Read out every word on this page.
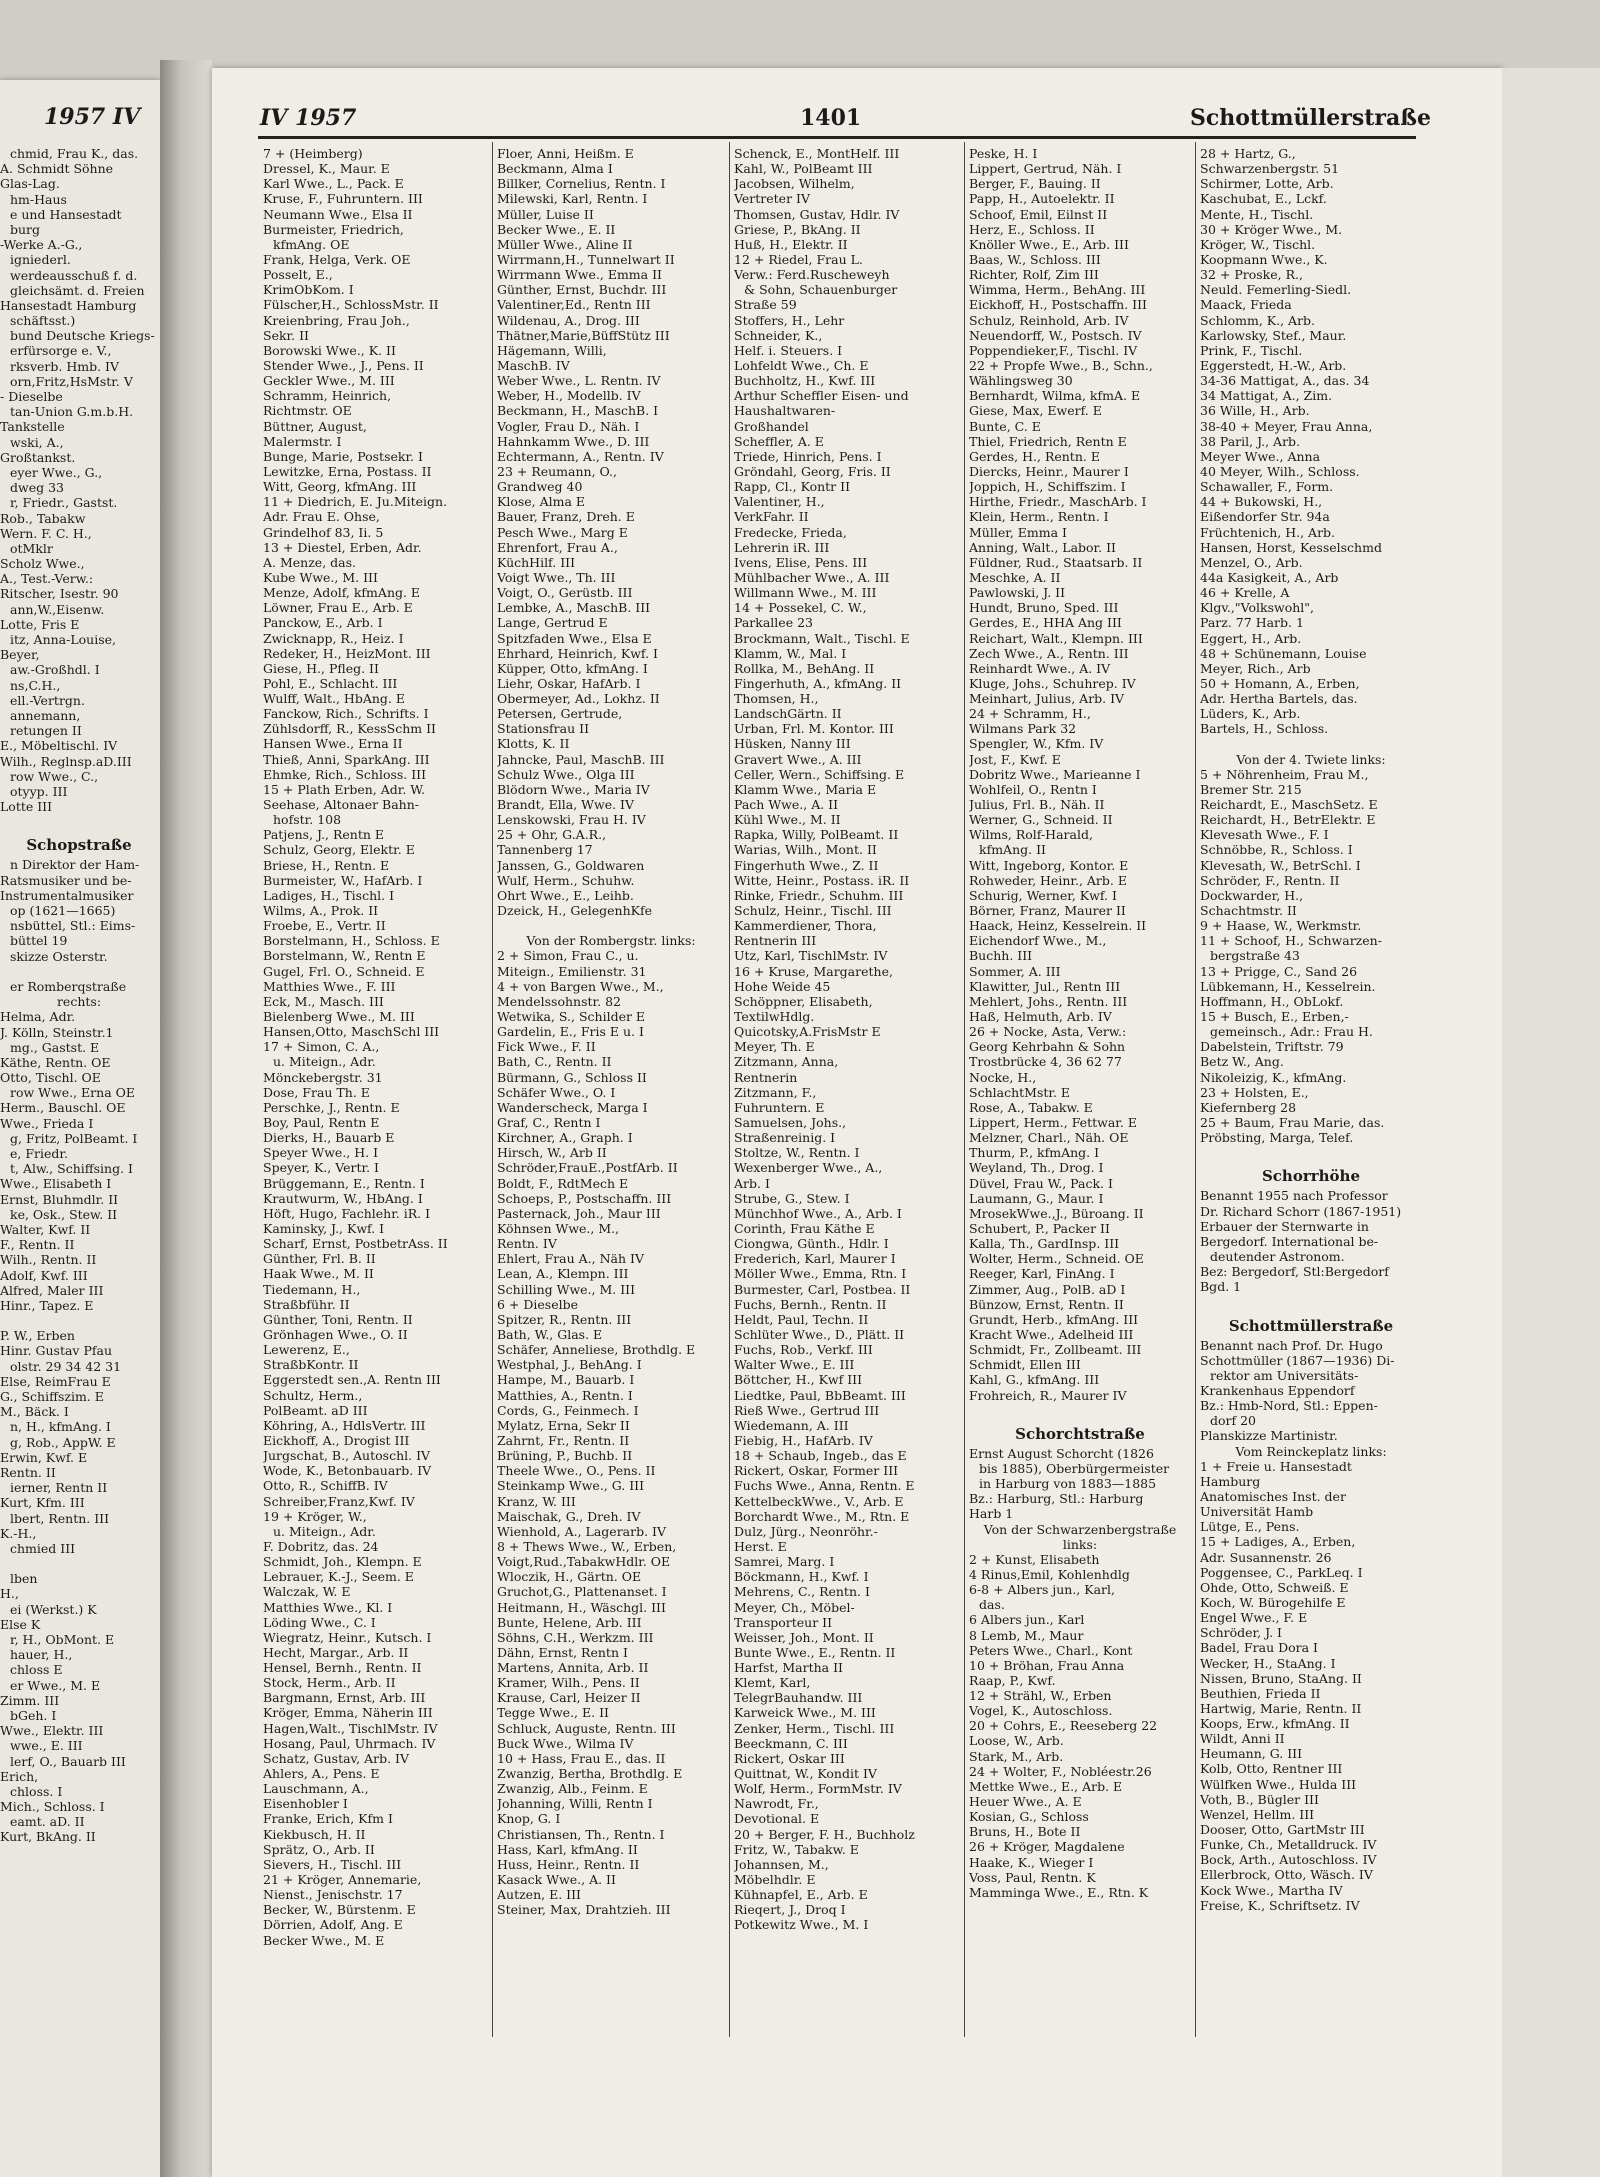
1957 IV
chmid, Frau K., das.
A. Schmidt Söhne
Glas-Lag.
hm-Haus
e und Hansestadt
burg
-Werke A.-G.,
igniederl.
werdeausschuß f. d.
gleichsämt. d. Freien
Hansestadt Hamburg
schäftsst.)
bund Deutsche Kriegs-
erfürsorge e. V.,
rksverb. Hmb. IV
orn,Fritz,HsMstr. V
- Dieselbe
tan-Union G.m.b.H.
Tankstelle
wski, A.,
Großtankst.
eyer Wwe., G.,
dweg 33
r, Friedr., Gastst.
Rob., Tabakw
Wern. F. C. H.,
otMklr
Scholz Wwe.,
A., Test.-Verw.:
Ritscher, Isestr. 90
ann,W.,Eisenw.
Lotte, Fris E
itz, Anna-Louise,
Beyer,
aw.-Großhdl. I
ns,C.H.,
ell.-Vertrgn.
annemann,
retungen II
E., Möbeltischl. IV
Wilh., Reglnsp.aD.III
row Wwe., C.,
otyyp. III
Lotte III
Schopstraße
n Direktor der Ham-
Ratsmusiker und be-
Instrumentalmusiker
op (1621—1665)
nsbüttel, Stl.: Eims-
büttel 19
skizze Osterstr.
er Romberqstraße
rechts:
Helma, Adr.
J. Kölln, Steinstr.1
mg., Gastst. E
Käthe, Rentn. OE
Otto, Tischl. OE
row Wwe., Erna OE
Herm., Bauschl. OE
Wwe., Frieda I
g, Fritz, PolBeamt. I
e, Friedr.
t, Alw., Schiffsing. I
Wwe., Elisabeth I
Ernst, Bluhmdlr. II
ke, Osk., Stew. II
Walter, Kwf. II
F., Rentn. II
Wilh., Rentn. II
Adolf, Kwf. III
Alfred, Maler III
Hinr., Tapez. E
P. W., Erben
Hinr. Gustav Pfau
olstr. 29 34 42 31
Else, ReimFrau E
G., Schiffszim. E
M., Bäck. I
n, H., kfmAng. I
g, Rob., AppW. E
Erwin, Kwf. E
Rentn. II
ierner, Rentn II
Kurt, Kfm. III
lbert, Rentn. III
K.-H.,
chmied III
lben
H.,
ei (Werkst.) K
Else K
r, H., ObMont. E
hauer, H.,
chloss E
er Wwe., M. E
Zimm. III
bGeh. I
Wwe., Elektr. III
wwe., E. III
lerf, O., Bauarb III
Erich,
chloss. I
Mich., Schloss. I
eamt. aD. II
Kurt, BkAng. II
IV 1957	1401	Schottmüllerstraße
7 + (Heimberg)
Dressel, K., Maur. E
Karl Wwe., L., Pack. E
Kruse, F., Fuhruntern. III
Neumann Wwe., Elsa II
Burmeister, Friedrich,
kfmAng. OE
Frank, Helga, Verk. OE
Posselt, E.,
KrimObKom. I
Fülscher,H., SchlossMstr. II
Kreienbring, Frau Joh.,
Sekr. II
Borowski Wwe., K. II
Stender Wwe., J., Pens. II
Geckler Wwe., M. III
Schramm, Heinrich,
Richtmstr. OE
Büttner, August,
Malermstr. I
Bunge, Marie, Postsekr. I
Lewitzke, Erna, Postass. II
Witt, Georg, kfmAng. III
11 + Diedrich, E. Ju.Miteign.
Adr. Frau E. Ohse,
Grindelhof 83, Ii. 5
13 + Diestel, Erben, Adr.
A. Menze, das.
Kube Wwe., M. III
Menze, Adolf, kfmAng. E
Löwner, Frau E., Arb. E
Panckow, E., Arb. I
Zwicknapp, R., Heiz. I
Redeker, H., HeizMont. III
Giese, H., Pfleg. II
Pohl, E., Schlacht. III
Wulff, Walt., HbAng. E
Fanckow, Rich., Schrifts. I
Zühlsdorff, R., KessSchm II
Hansen Wwe., Erna II
Thieß, Anni, SparkAng. III
Ehmke, Rich., Schloss. III
15 + Plath Erben, Adr. W.
Seehase, Altonaer Bahn-
hofstr. 108
Patjens, J., Rentn E
Schulz, Georg, Elektr. E
Briese, H., Rentn. E
Burmeister, W., HafArb. I
Ladiges, H., Tischl. I
Wilms, A., Prok. II
Froebe, E., Vertr. II
Borstelmann, H., Schloss. E
Borstelmann, W., Rentn E
Gugel, Frl. O., Schneid. E
Matthies Wwe., F. III
Eck, M., Masch. III
Bielenberg Wwe., M. III
Hansen,Otto, MaschSchl III
17 + Simon, C. A.,
u. Miteign., Adr.
Mönckebergstr. 31
Dose, Frau Th. E
Perschke, J., Rentn. E
Boy, Paul, Rentn E
Dierks, H., Bauarb E
Speyer Wwe., H. I
Speyer, K., Vertr. I
Brüggemann, E., Rentn. I
Krautwurm, W., HbAng. I
Höft, Hugo, Fachlehr. iR. I
Kaminsky, J., Kwf. I
Scharf, Ernst, PostbetrAss. II
Günther, Frl. B. II
Haak Wwe., M. II
Tiedemann, H.,
Straßbführ. II
Günther, Toni, Rentn. II
Grönhagen Wwe., O. II
Lewerenz, E.,
StraßbKontr. II
Eggerstedt sen.,A. Rentn III
Schultz, Herm.,
PolBeamt. aD III
Köhring, A., HdlsVertr. III
Eickhoff, A., Drogist III
Jurgschat, B., Autoschl. IV
Wode, K., Betonbauarb. IV
Otto, R., SchiffB. IV
Schreiber,Franz,Kwf. IV
19 + Kröger, W.,
u. Miteign., Adr.
F. Dobritz, das. 24
Schmidt, Joh., Klempn. E
Lebrauer, K.-J., Seem. E
Walczak, W. E
Matthies Wwe., Kl. I
Löding Wwe., C. I
Wiegratz, Heinr., Kutsch. I
Hecht, Margar., Arb. II
Hensel, Bernh., Rentn. II
Stock, Herm., Arb. II
Bargmann, Ernst, Arb. III
Kröger, Emma, Näherin III
Hagen,Walt., TischlMstr. IV
Hosang, Paul, Uhrmach. IV
Schatz, Gustav, Arb. IV
Ahlers, A., Pens. E
Lauschmann, A.,
Eisenhobler I
Franke, Erich, Kfm I
Kiekbusch, H. II
Sprätz, O., Arb. II
Sievers, H., Tischl. III
21 + Kröger, Annemarie,
Nienst., Jenischstr. 17
Becker, W., Bürstenm. E
Dörrien, Adolf, Ang. E
Becker Wwe., M. E
Floer, Anni, Heißm. E
Beckmann, Alma I
Billker, Cornelius, Rentn. I
Milewski, Karl, Rentn. I
Müller, Luise II
Becker Wwe., E. II
Müller Wwe., Aline II
Wirrmann,H., Tunnelwart II
Wirrmann Wwe., Emma II
Günther, Ernst, Buchdr. III
Valentiner,Ed., Rentn III
Wildenau, A., Drog. III
Thätner,Marie,BüffStütz III
Hägemann, Willi,
MaschB. IV
Weber Wwe., L. Rentn. IV
Weber, H., Modellb. IV
Beckmann, H., MaschB. I
Vogler, Frau D., Näh. I
Hahnkamm Wwe., D. III
Echtermann, A., Rentn. IV
23 + Reumann, O.,
Grandweg 40
Klose, Alma E
Bauer, Franz, Dreh. E
Pesch Wwe., Marg E
Ehrenfort, Frau A.,
KüchHilf. III
Voigt Wwe., Th. III
Voigt, O., Gerüstb. III
Lembke, A., MaschB. III
Lange, Gertrud E
Spitzfaden Wwe., Elsa E
Ehrhard, Heinrich, Kwf. I
Küpper, Otto, kfmAng. I
Liehr, Oskar, HafArb. I
Obermeyer, Ad., Lokhz. II
Petersen, Gertrude,
Stationsfrau II
Klotts, K. II
Jahncke, Paul, MaschB. III
Schulz Wwe., Olga III
Blödorn Wwe., Maria IV
Brandt, Ella, Wwe. IV
Lenskowski, Frau H. IV
25 + Ohr, G.A.R.,
Tannenberg 17
Janssen, G., Goldwaren
Wulf, Herm., Schuhw.
Ohrt Wwe., E., Leihb.
Dzeick, H., GelegenhKfe
Von der Rombergstr. links:
2 + Simon, Frau C., u.
Miteign., Emilienstr. 31
4 + von Bargen Wwe., M.,
Mendelssohnstr. 82
Wetwika, S., Schilder E
Gardelin, E., Fris E u. I
Fick Wwe., F. II
Bath, C., Rentn. II
Bürmann, G., Schloss II
Schäfer Wwe., O. I
Wanderscheck, Marga I
Graf, C., Rentn I
Kirchner, A., Graph. I
Hirsch, W., Arb II
Schröder,FrauE.,PostfArb. II
Boldt, F., RdtMech E
Schoeps, P., Postschaffn. III
Pasternack, Joh., Maur III
Köhnsen Wwe., M.,
Rentn. IV
Ehlert, Frau A., Näh IV
Lean, A., Klempn. III
Schilling Wwe., M. III
6 + Dieselbe
Spitzer, R., Rentn. III
Bath, W., Glas. E
Schäfer, Anneliese, Brothdlg. E
Westphal, J., BehAng. I
Hampe, M., Bauarb. I
Matthies, A., Rentn. I
Cords, G., Feinmech. I
Mylatz, Erna, Sekr II
Zahrnt, Fr., Rentn. II
Brüning, P., Buchb. II
Theele Wwe., O., Pens. II
Steinkamp Wwe., G. III
Kranz, W. III
Maischak, G., Dreh. IV
Wienhold, A., Lagerarb. IV
8 + Thews Wwe., W., Erben,
Voigt,Rud.,TabakwHdlr. OE
Wloczik, H., Gärtn. OE
Gruchot,G., Plattenanset. I
Heitmann, H., Wäschgl. III
Bunte, Helene, Arb. III
Söhns, C.H., Werkzm. III
Dähn, Ernst, Rentn I
Martens, Annita, Arb. II
Kramer, Wilh., Pens. II
Krause, Carl, Heizer II
Tegge Wwe., E. II
Schluck, Auguste, Rentn. III
Buck Wwe., Wilma IV
10 + Hass, Frau E., das. II
Zwanzig, Bertha, Brothdlg. E
Zwanzig, Alb., Feinm. E
Johanning, Willi, Rentn I
Knop, G. I
Christiansen, Th., Rentn. I
Hass, Karl, kfmAng. II
Huss, Heinr., Rentn. II
Kasack Wwe., A. II
Autzen, E. III
Steiner, Max, Drahtzieh. III
Schenck, E., MontHelf. III
Kahl, W., PolBeamt III
Jacobsen, Wilhelm,
Vertreter IV
Thomsen, Gustav, Hdlr. IV
Griese, P., BkAng. II
Huß, H., Elektr. II
12 + Riedel, Frau L.
Verw.: Ferd.Ruscheweyh
& Sohn, Schauenburger
Straße 59
Stoffers, H., Lehr
Schneider, K.,
Helf. i. Steuers. I
Lohfeldt Wwe., Ch. E
Buchholtz, H., Kwf. III
Arthur Scheffler Eisen- und
Haushaltwaren-
Großhandel
Scheffler, A. E
Triede, Hinrich, Pens. I
Gröndahl, Georg, Fris. II
Rapp, Cl., Kontr II
Valentiner, H.,
VerkFahr. II
Fredecke, Frieda,
Lehrerin iR. III
Ivens, Elise, Pens. III
Mühlbacher Wwe., A. III
Willmann Wwe., M. III
14 + Possekel, C. W.,
Parkallee 23
Brockmann, Walt., Tischl. E
Klamm, W., Mal. I
Rollka, M., BehAng. II
Fingerhuth, A., kfmAng. II
Thomsen, H.,
LandschGärtn. II
Urban, Frl. M. Kontor. III
Hüsken, Nanny III
Gravert Wwe., A. III
Celler, Wern., Schiffsing. E
Klamm Wwe., Maria E
Pach Wwe., A. II
Kühl Wwe., M. II
Rapka, Willy, PolBeamt. II
Warias, Wilh., Mont. II
Fingerhuth Wwe., Z. II
Witte, Heinr., Postass. iR. II
Rinke, Friedr., Schuhm. III
Schulz, Heinr., Tischl. III
Kammerdiener, Thora,
Rentnerin III
Utz, Karl, TischlMstr. IV
16 + Kruse, Margarethe,
Hohe Weide 45
Schöppner, Elisabeth,
TextilwHdlg.
Quicotsky,A.FrisMstr E
Meyer, Th. E
Zitzmann, Anna,
Rentnerin
Zitzmann, F.,
Fuhruntern. E
Samuelsen, Johs.,
Straßenreinig. I
Stoltze, W., Rentn. I
Wexenberger Wwe., A.,
Arb. I
Strube, G., Stew. I
Münchhof Wwe., A., Arb. I
Corinth, Frau Käthe E
Ciongwa, Günth., Hdlr. I
Frederich, Karl, Maurer I
Möller Wwe., Emma, Rtn. I
Burmester, Carl, Postbea. II
Fuchs, Bernh., Rentn. II
Heldt, Paul, Techn. II
Schlüter Wwe., D., Plätt. II
Fuchs, Rob., Verkf. III
Walter Wwe., E. III
Böttcher, H., Kwf III
Liedtke, Paul, BbBeamt. III
Rieß Wwe., Gertrud III
Wiedemann, A. III
Fiebig, H., HafArb. IV
18 + Schaub, Ingeb., das E
Rickert, Oskar, Former III
Fuchs Wwe., Anna, Rentn. E
KettelbeckWwe., V., Arb. E
Borchardt Wwe., M., Rtn. E
Dulz, Jürg., Neonröhr.-
Herst. E
Samrei, Marg. I
Böckmann, H., Kwf. I
Mehrens, C., Rentn. I
Meyer, Ch., Möbel-
Transporteur II
Weisser, Joh., Mont. II
Bunte Wwe., E., Rentn. II
Harfst, Martha II
Klemt, Karl,
TelegrBauhandw. III
Karweick Wwe., M. III
Zenker, Herm., Tischl. III
Beeckmann, C. III
Rickert, Oskar III
Quittnat, W., Kondit IV
Wolf, Herm., FormMstr. IV
Nawrodt, Fr.,
Devotional. E
20 + Berger, F. H., Buchholz
Fritz, W., Tabakw. E
Johannsen, M.,
Möbelhdlr. E
Kühnapfel, E., Arb. E
Rieqert, J., Droq I
Potkewitz Wwe., M. I
Peske, H. I
Lippert, Gertrud, Näh. I
Berger, F., Bauing. II
Papp, H., Autoelektr. II
Schoof, Emil, Eilnst II
Herz, E., Schloss. II
Knöller Wwe., E., Arb. III
Baas, W., Schloss. III
Richter, Rolf, Zim III
Wimma, Herm., BehAng. III
Eickhoff, H., Postschaffn. III
Schulz, Reinhold, Arb. IV
Neuendorff, W., Postsch. IV
Poppendieker,F., Tischl. IV
22 + Propfe Wwe., B., Schn.,
Wählingsweg 30
Bernhardt, Wilma, kfmA. E
Giese, Max, Ewerf. E
Bunte, C. E
Thiel, Friedrich, Rentn E
Gerdes, H., Rentn. E
Diercks, Heinr., Maurer I
Joppich, H., Schiffszim. I
Hirthe, Friedr., MaschArb. I
Klein, Herm., Rentn. I
Müller, Emma I
Anning, Walt., Labor. II
Füldner, Rud., Staatsarb. II
Meschke, A. II
Pawlowski, J. II
Hundt, Bruno, Sped. III
Gerdes, E., HHA Ang III
Reichart, Walt., Klempn. III
Zech Wwe., A., Rentn. III
Reinhardt Wwe., A. IV
Kluge, Johs., Schuhrep. IV
Meinhart, Julius, Arb. IV
24 + Schramm, H.,
Wilmans Park 32
Spengler, W., Kfm. IV
Jost, F., Kwf. E
Dobritz Wwe., Marieanne I
Wohlfeil, O., Rentn I
Julius, Frl. B., Näh. II
Werner, G., Schneid. II
Wilms, Rolf-Harald,
kfmAng. II
Witt, Ingeborg, Kontor. E
Rohweder, Heinr., Arb. E
Schurig, Werner, Kwf. I
Börner, Franz, Maurer II
Haack, Heinz, Kesselrein. II
Eichendorf Wwe., M.,
Buchh. III
Sommer, A. III
Klawitter, Jul., Rentn III
Mehlert, Johs., Rentn. III
Haß, Helmuth, Arb. IV
26 + Nocke, Asta, Verw.:
Georg Kehrbahn & Sohn
Trostbrücke 4, 36 62 77
Nocke, H.,
SchlachtMstr. E
Rose, A., Tabakw. E
Lippert, Herm., Fettwar. E
Melzner, Charl., Näh. OE
Thurm, P., kfmAng. I
Weyland, Th., Drog. I
Düvel, Frau W., Pack. I
Laumann, G., Maur. I
MrosekWwe.,J., Büroang. II
Schubert, P., Packer II
Kalla, Th., GardInsp. III
Wolter, Herm., Schneid. OE
Reeger, Karl, FinAng. I
Zimmer, Aug., PolB. aD I
Bünzow, Ernst, Rentn. II
Grundt, Herb., kfmAng. III
Kracht Wwe., Adelheid III
Schmidt, Fr., Zollbeamt. III
Schmidt, Ellen III
Kahl, G., kfmAng. III
Frohreich, R., Maurer IV
Schorchtstraße
Ernst August Schorcht (1826
bis 1885), Oberbürgermeister
in Harburg von 1883—1885
Bz.: Harburg, Stl.: Harburg
Harb 1
Von der Schwarzenbergstraße
links:
2 + Kunst, Elisabeth
4 Rinus,Emil, Kohlenhdlg
6-8 + Albers jun., Karl,
das.
6 Albers jun., Karl
8 Lemb, M., Maur
Peters Wwe., Charl., Kont
10 + Bröhan, Frau Anna
Raap, P., Kwf.
12 + Strähl, W., Erben
Vogel, K., Autoschloss.
20 + Cohrs, E., Reeseberg 22
Loose, W., Arb.
Stark, M., Arb.
24 + Wolter, F., Nobléestr.26
Mettke Wwe., E., Arb. E
Heuer Wwe., A. E
Kosian, G., Schloss
Bruns, H., Bote II
26 + Kröger, Magdalene
Haake, K., Wieger I
Voss, Paul, Rentn. K
Mamminga Wwe., E., Rtn. K
28 + Hartz, G.,
Schwarzenbergstr. 51
Schirmer, Lotte, Arb.
Kaschubat, E., Lckf.
Mente, H., Tischl.
30 + Kröger Wwe., M.
Kröger, W., Tischl.
Koopmann Wwe., K.
32 + Proske, R.,
Neuld. Femerling-Siedl.
Maack, Frieda
Schlomm, K., Arb.
Karlowsky, Stef., Maur.
Prink, F., Tischl.
Eggerstedt, H.-W., Arb.
34-36 Mattigat, A., das. 34
34 Mattigat, A., Zim.
36 Wille, H., Arb.
38-40 + Meyer, Frau Anna,
38 Paril, J., Arb.
Meyer Wwe., Anna
40 Meyer, Wilh., Schloss.
Schawaller, F., Form.
44 + Bukowski, H.,
Eißendorfer Str. 94a
Früchtenich, H., Arb.
Hansen, Horst, Kesselschmd
Menzel, O., Arb.
44a Kasigkeit, A., Arb
46 + Krelle, A
Klgv.,"Volkswohl",
Parz. 77 Harb. 1
Eggert, H., Arb.
48 + Schünemann, Louise
Meyer, Rich., Arb
50 + Homann, A., Erben,
Adr. Hertha Bartels, das.
Lüders, K., Arb.
Bartels, H., Schloss.
Von der 4. Twiete links:
5 + Nöhrenheim, Frau M.,
Bremer Str. 215
Reichardt, E., MaschSetz. E
Reichardt, H., BetrElektr. E
Klevesath Wwe., F. I
Schnöbbe, R., Schloss. I
Klevesath, W., BetrSchl. I
Schröder, F., Rentn. II
Dockwarder, H.,
Schachtmstr. II
9 + Haase, W., Werkmstr.
11 + Schoof, H., Schwarzen-
bergstraße 43
13 + Prigge, C., Sand 26
Lübkemann, H., Kesselrein.
Hoffmann, H., ObLokf.
15 + Busch, E., Erben,-
gemeinsch., Adr.: Frau H.
Dabelstein, Triftstr. 79
Betz W., Ang.
Nikoleizig, K., kfmAng.
23 + Holsten, E.,
Kiefernberg 28
25 + Baum, Frau Marie, das.
Pröbsting, Marga, Telef.
Schorrhöhe
Benannt 1955 nach Professor
Dr. Richard Schorr (1867-1951)
Erbauer der Sternwarte in
Bergedorf. International be-
deutender Astronom.
Bez: Bergedorf, Stl:Bergedorf
Bgd. 1
Schottmüllerstraße
Benannt nach Prof. Dr. Hugo
Schottmüller (1867—1936) Di-
rektor am Universitäts-
Krankenhaus Eppendorf
Bz.: Hmb-Nord, Stl.: Eppen-
dorf 20
Planskizze Martinistr.
Vom Reinckeplatz links:
1 + Freie u. Hansestadt
Hamburg
Anatomisches Inst. der
Universität Hamb
Lütge, E., Pens.
15 + Ladiges, A., Erben,
Adr. Susannenstr. 26
Poggensee, C., ParkLeq. I
Ohde, Otto, Schweiß. E
Koch, W. Bürogehilfe E
Engel Wwe., F. E
Schröder, J. I
Badel, Frau Dora I
Wecker, H., StaAng. I
Nissen, Bruno, StaAng. II
Beuthien, Frieda II
Hartwig, Marie, Rentn. II
Koops, Erw., kfmAng. II
Wildt, Anni II
Heumann, G. III
Kolb, Otto, Rentner III
Wülfken Wwe., Hulda III
Voth, B., Bügler III
Wenzel, Hellm. III
Dooser, Otto, GartMstr III
Funke, Ch., Metalldruck. IV
Bock, Arth., Autoschloss. IV
Ellerbrock, Otto, Wäsch. IV
Kock Wwe., Martha IV
Freise, K., Schriftsetz. IV
